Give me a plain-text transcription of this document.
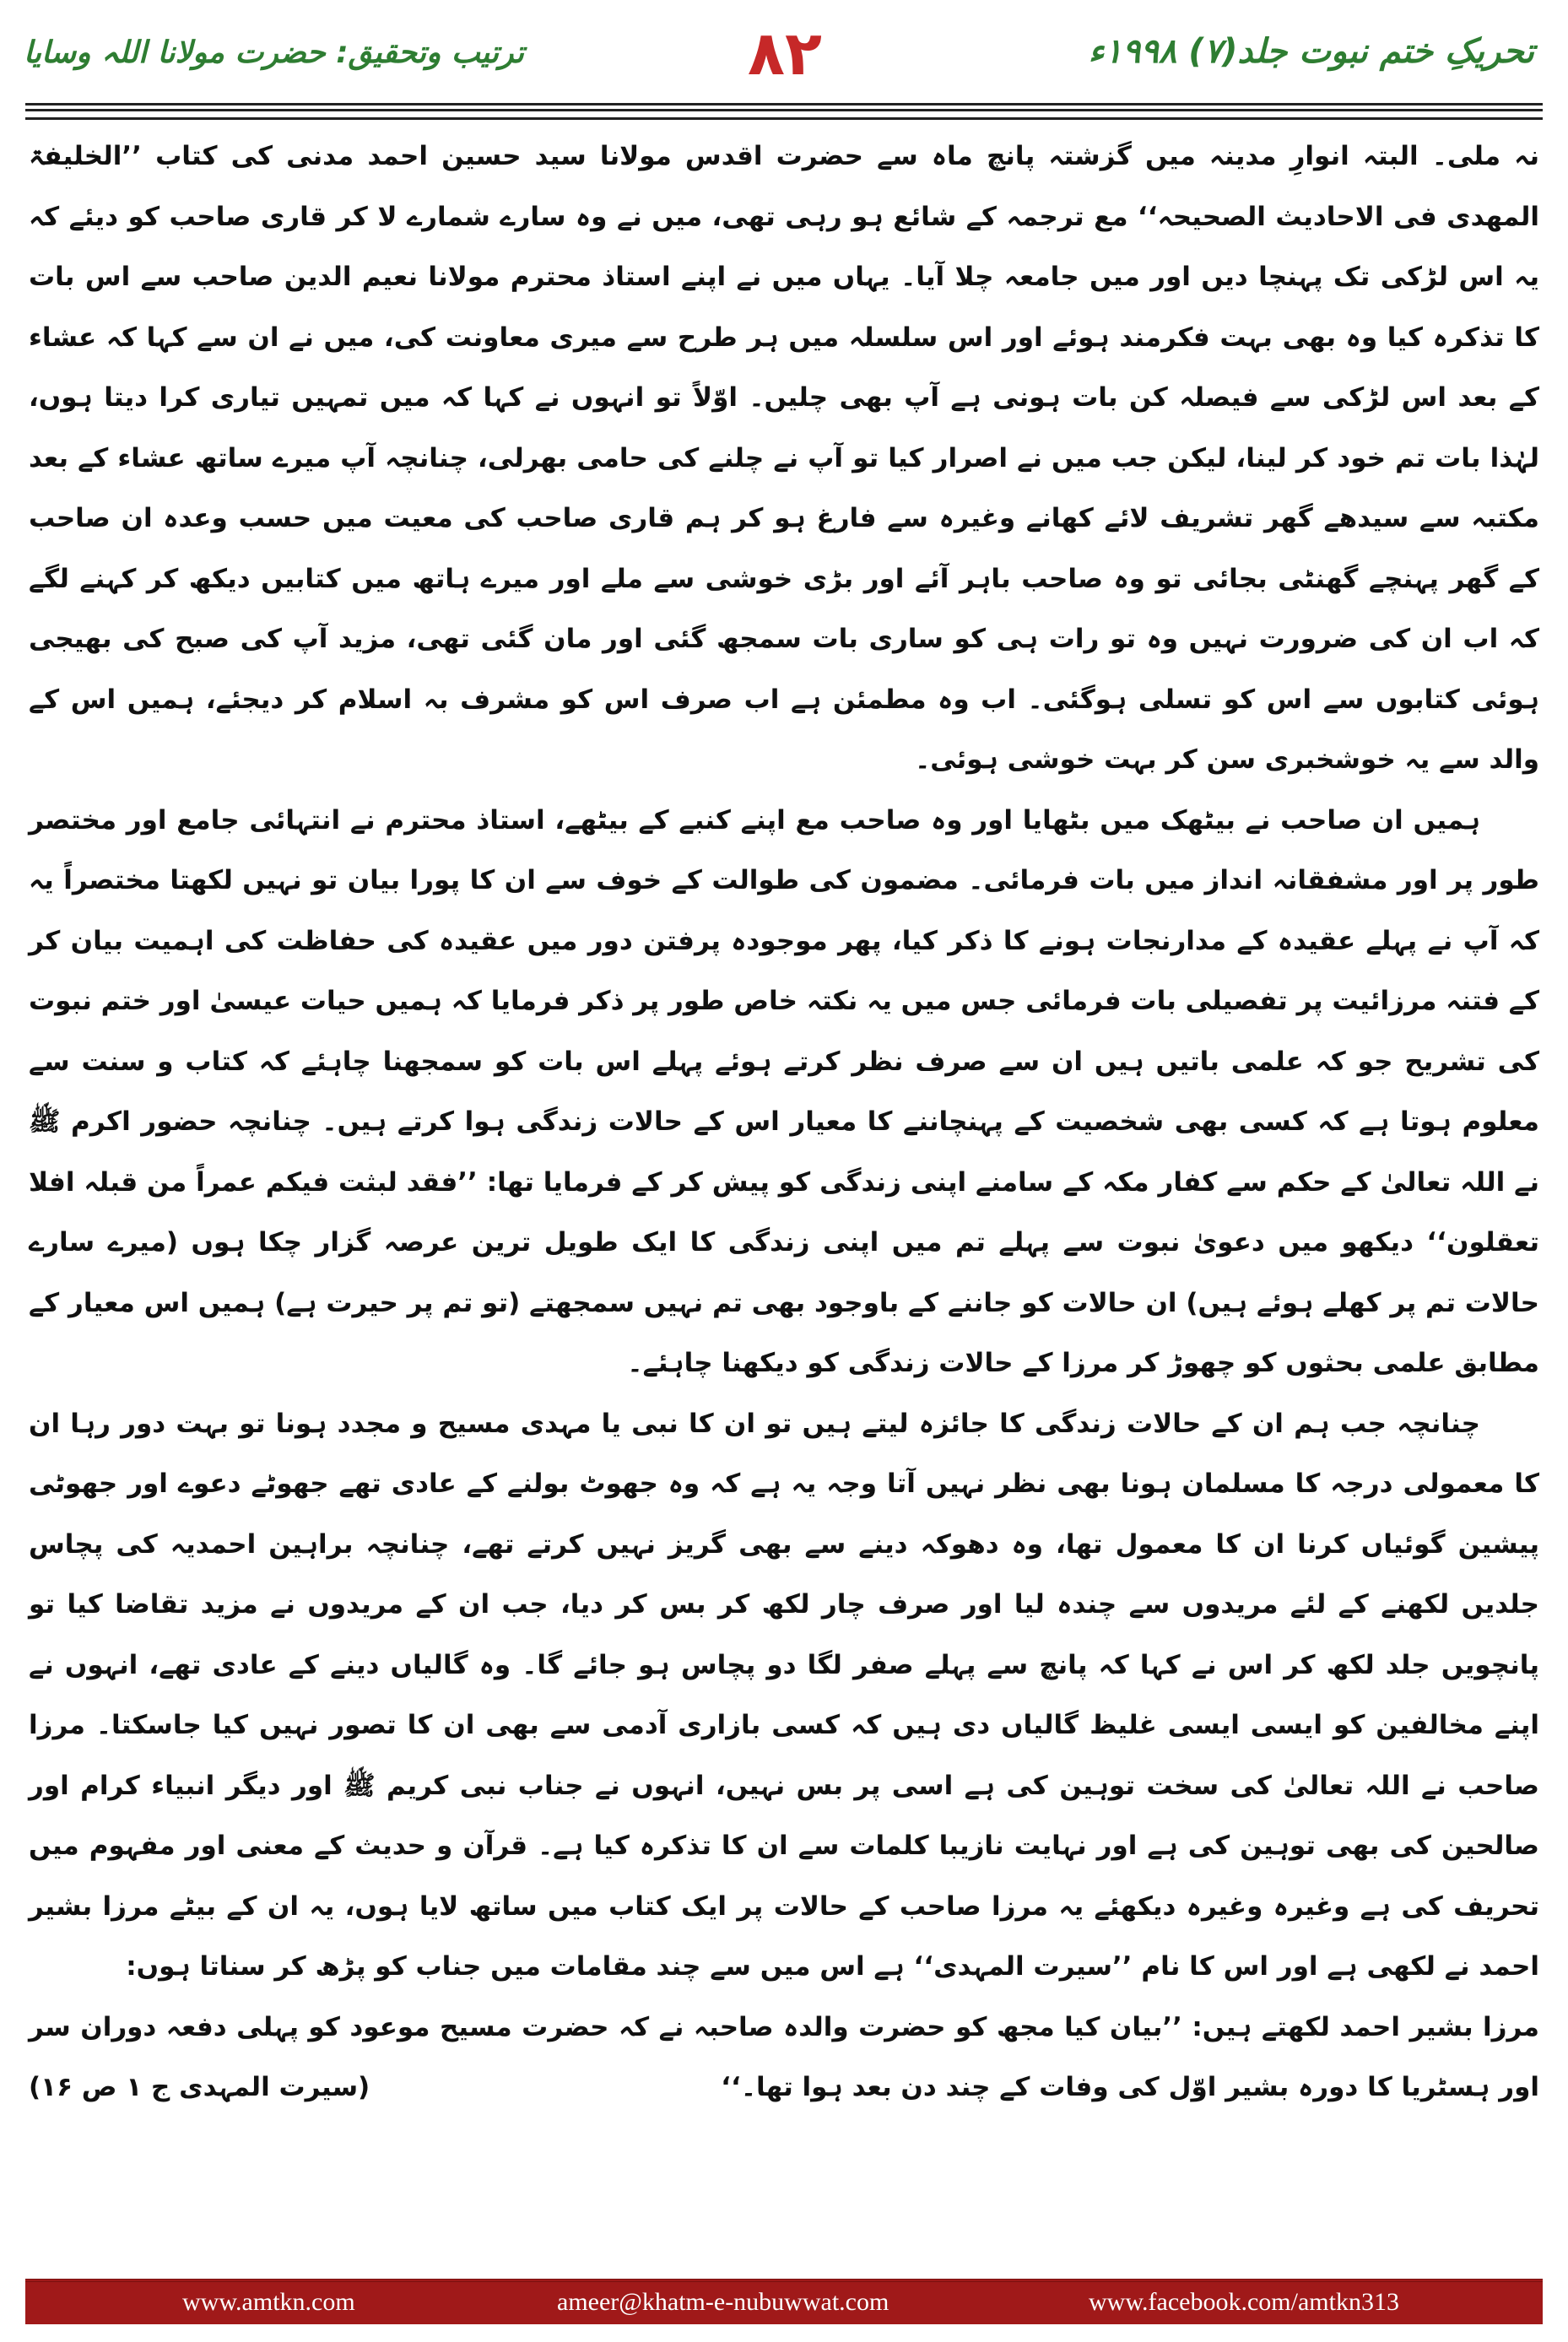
تحریکِ ختم نبوت جلد(۷) ۱۹۹۸ء
۸۲
ترتیب وتحقیق: حضرت مولانا اللہ وسایا

نہ ملی۔ البتہ انوارِ مدینہ میں گزشتہ پانچ ماہ سے حضرت اقدس مولانا سید حسین احمد مدنی کی کتاب ’’الخلیفۃ المھدی فی الاحادیث الصحیحہ‘‘ مع ترجمہ کے شائع ہو رہی تھی، میں نے وہ سارے شمارے لا کر قاری صاحب کو دیئے کہ یہ اس لڑکی تک پہنچا دیں اور میں جامعہ چلا آیا۔ یہاں میں نے اپنے استاذ محترم مولانا نعیم الدین صاحب سے اس بات کا تذکرہ کیا وہ بھی بہت فکرمند ہوئے اور اس سلسلہ میں ہر طرح سے میری معاونت کی، میں نے ان سے کہا کہ عشاء کے بعد اس لڑکی سے فیصلہ کن بات ہونی ہے آپ بھی چلیں۔ اوّلاً تو انہوں نے کہا کہ میں تمہیں تیاری کرا دیتا ہوں، لہٰذا بات تم خود کر لینا، لیکن جب میں نے اصرار کیا تو آپ نے چلنے کی حامی بھرلی، چنانچہ آپ میرے ساتھ عشاء کے بعد مکتبہ سے سیدھے گھر تشریف لائے کھانے وغیرہ سے فارغ ہو کر ہم قاری صاحب کی معیت میں حسب وعدہ ان صاحب کے گھر پہنچے گھنٹی بجائی تو وہ صاحب باہر آئے اور بڑی خوشی سے ملے اور میرے ہاتھ میں کتابیں دیکھ کر کہنے لگے کہ اب ان کی ضرورت نہیں وہ تو رات ہی کو ساری بات سمجھ گئی اور مان گئی تھی، مزید آپ کی صبح کی بھیجی ہوئی کتابوں سے اس کو تسلی ہوگئی۔ اب وہ مطمئن ہے اب صرف اس کو مشرف بہ اسلام کر دیجئے، ہمیں اس کے والد سے یہ خوشخبری سن کر بہت خوشی ہوئی۔

ہمیں ان صاحب نے بیٹھک میں بٹھایا اور وہ صاحب مع اپنے کنبے کے بیٹھے، استاذ محترم نے انتہائی جامع اور مختصر طور پر اور مشفقانہ انداز میں بات فرمائی۔ مضمون کی طوالت کے خوف سے ان کا پورا بیان تو نہیں لکھتا مختصراً یہ کہ آپ نے پہلے عقیدہ کے مدارنجات ہونے کا ذکر کیا، پھر موجودہ پرفتن دور میں عقیدہ کی حفاظت کی اہمیت بیان کر کے فتنہ مرزائیت پر تفصیلی بات فرمائی جس میں یہ نکتہ خاص طور پر ذکر فرمایا کہ ہمیں حیات عیسیٰ اور ختم نبوت کی تشریح جو کہ علمی باتیں ہیں ان سے صرف نظر کرتے ہوئے پہلے اس بات کو سمجھنا چاہئے کہ کتاب و سنت سے معلوم ہوتا ہے کہ کسی بھی شخصیت کے پہنچاننے کا معیار اس کے حالات زندگی ہوا کرتے ہیں۔ چنانچہ حضور اکرم ﷺ نے اللہ تعالیٰ کے حکم سے کفار مکہ کے سامنے اپنی زندگی کو پیش کر کے فرمایا تھا: ’’فقد لبثت فیکم عمراً من قبلہ افلا تعقلون‘‘ دیکھو میں دعویٰ نبوت سے پہلے تم میں اپنی زندگی کا ایک طویل ترین عرصہ گزار چکا ہوں (میرے سارے حالات تم پر کھلے ہوئے ہیں) ان حالات کو جاننے کے باوجود بھی تم نہیں سمجھتے (تو تم پر حیرت ہے) ہمیں اس معیار کے مطابق علمی بحثوں کو چھوڑ کر مرزا کے حالات زندگی کو دیکھنا چاہئے۔

چنانچہ جب ہم ان کے حالات زندگی کا جائزہ لیتے ہیں تو ان کا نبی یا مہدی مسیح و مجدد ہونا تو بہت دور رہا ان کا معمولی درجہ کا مسلمان ہونا بھی نظر نہیں آتا وجہ یہ ہے کہ وہ جھوٹ بولنے کے عادی تھے جھوٹے دعوے اور جھوٹی پیشین گوئیاں کرنا ان کا معمول تھا، وہ دھوکہ دینے سے بھی گریز نہیں کرتے تھے، چنانچہ براہین احمدیہ کی پچاس جلدیں لکھنے کے لئے مریدوں سے چندہ لیا اور صرف چار لکھ کر بس کر دیا، جب ان کے مریدوں نے مزید تقاضا کیا تو پانچویں جلد لکھ کر اس نے کہا کہ پانچ سے پہلے صفر لگا دو پچاس ہو جائے گا۔ وہ گالیاں دینے کے عادی تھے، انہوں نے اپنے مخالفین کو ایسی ایسی غلیظ گالیاں دی ہیں کہ کسی بازاری آدمی سے بھی ان کا تصور نہیں کیا جاسکتا۔ مرزا صاحب نے اللہ تعالیٰ کی سخت توہین کی ہے اسی پر بس نہیں، انہوں نے جناب نبی کریم ﷺ اور دیگر انبیاء کرام اور صالحین کی بھی توہین کی ہے اور نہایت نازیبا کلمات سے ان کا تذکرہ کیا ہے۔ قرآن و حدیث کے معنی اور مفہوم میں تحریف کی ہے وغیرہ وغیرہ دیکھئے یہ مرزا صاحب کے حالات پر ایک کتاب میں ساتھ لایا ہوں، یہ ان کے بیٹے مرزا بشیر احمد نے لکھی ہے اور اس کا نام ’’سیرت المہدی‘‘ ہے اس میں سے چند مقامات میں جناب کو پڑھ کر سناتا ہوں:

مرزا بشیر احمد لکھتے ہیں: ’’بیان کیا مجھ کو حضرت والدہ صاحبہ نے کہ حضرت مسیح موعود کو پہلی دفعہ دوران سر اور ہسٹریا کا دورہ بشیر اوّل کی وفات کے چند دن بعد ہوا تھا۔‘‘
(سیرت المہدی ج ۱ ص ۱۶)

www.amtkn.com	ameer@khatm-e-nubuwwat.com	www.facebook.com/amtkn313
